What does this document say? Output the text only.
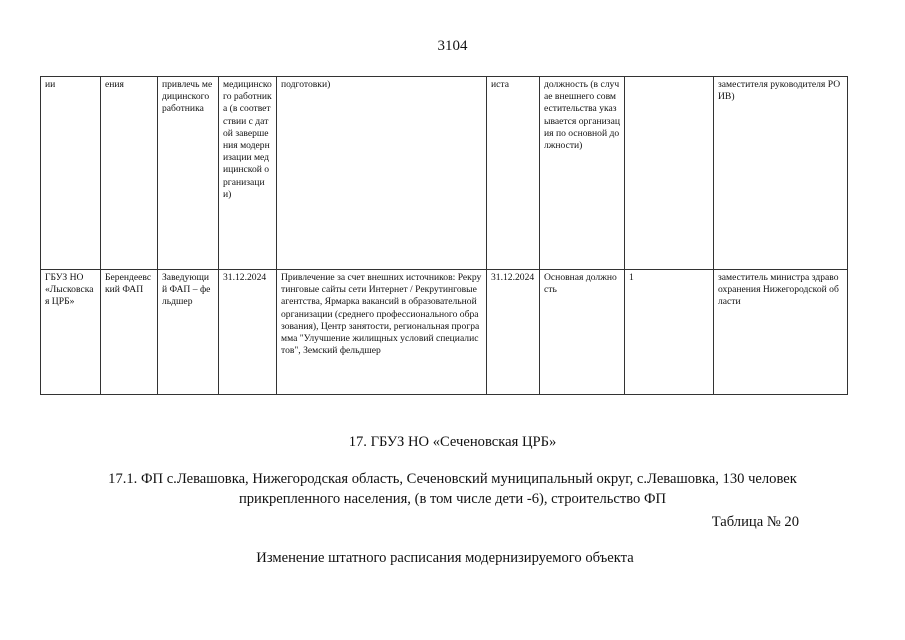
3104
ии	ения	привлечь медицинского работника	медицинского работника (в соответствии с датой завершения модернизации медицинской организации)	подготовки)	иста	должность (в случае внешнего совместительства указывается организация по основной должности)		заместителя руководителя РОИВ)
ГБУЗ НО «Лысковская ЦРБ»	Берендеевский ФАП	Заведующий ФАП – фельдшер	31.12.2024	Привлечение за счет внешних источников: Рекрутинговые сайты сети Интернет / Рекрутинговые агентства, Ярмарка вакансий в образовательной организации (среднего профессионального образования), Центр занятости, региональная программа "Улучшение жилищных условий специалистов", Земский фельдшер	31.12.2024	Основная должность	1	заместитель министра здравоохранения Нижегородской области
17. ГБУЗ НО «Сеченовская ЦРБ»
17.1. ФП с.Левашовка, Нижегородская область, Сеченовский муниципальный округ, с.Левашовка, 130 человек прикрепленного населения, (в том числе дети -6), строительство ФП
Таблица № 20
Изменение штатного расписания модернизируемого объекта
